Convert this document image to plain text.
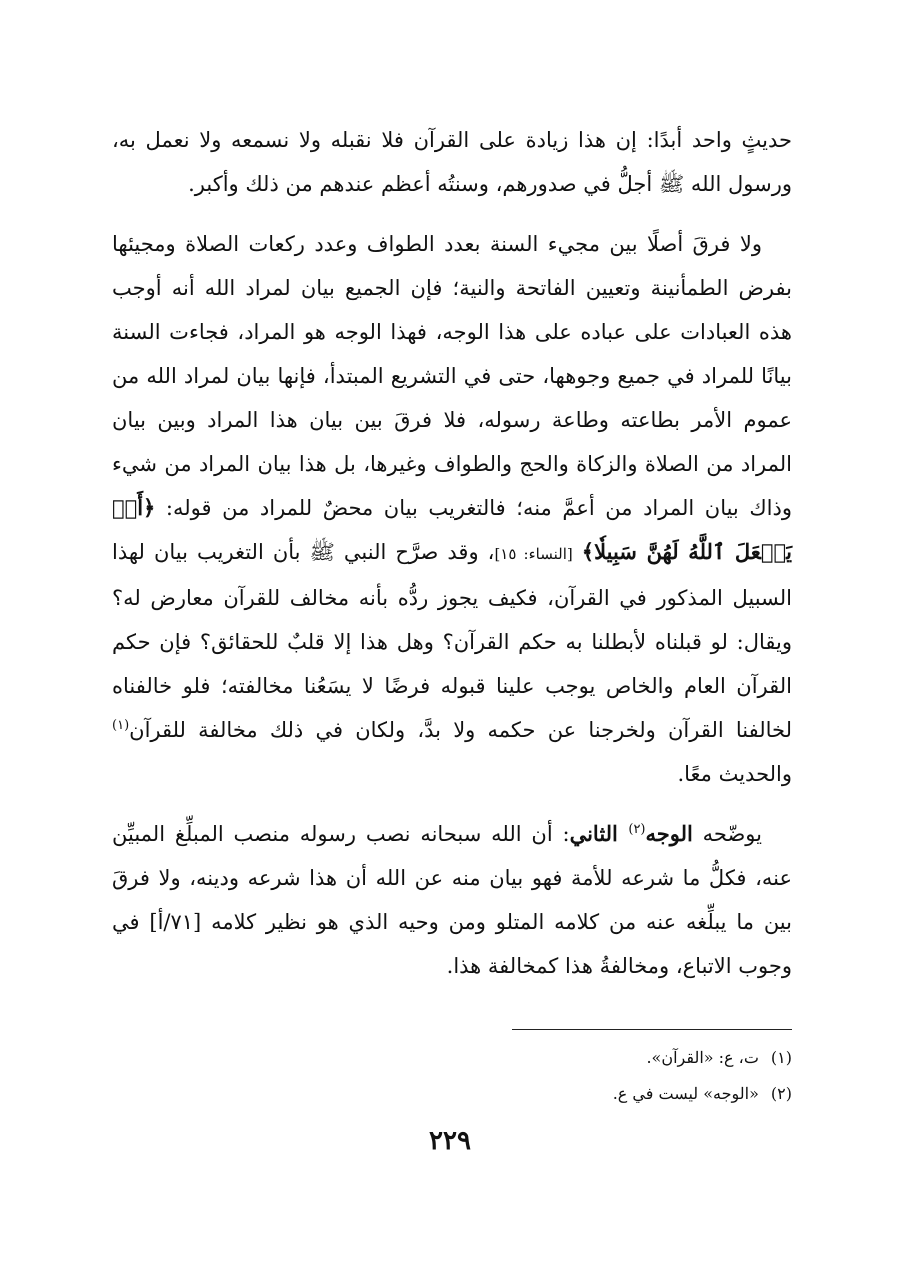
حديثٍ واحد أبدًا: إن هذا زيادة على القرآن فلا نقبله ولا نسمعه ولا نعمل به، ورسول الله ﷺ أجلُّ في صدورهم، وسنتُه أعظم عندهم من ذلك وأكبر.

ولا فرقَ أصلًا بين مجيء السنة بعدد الطواف وعدد ركعات الصلاة ومجيئها بفرض الطمأنينة وتعيين الفاتحة والنية؛ فإن الجميع بيان لمراد الله أنه أوجب هذه العبادات على عباده على هذا الوجه، فهذا الوجه هو المراد، فجاءت السنة بيانًا للمراد في جميع وجوهها، حتى في التشريع المبتدأ، فإنها بيان لمراد الله من عموم الأمر بطاعته وطاعة رسوله، فلا فرقَ بين بيان هذا المراد وبين بيان المراد من الصلاة والزكاة والحج والطواف وغيرها، بل هذا بيان المراد من شيء وذاك بيان المراد من أعمَّ منه؛ فالتغريب بيان محضٌ للمراد من قوله: ﴿أَوۡ يَجۡعَلَ ٱللَّهُ لَهُنَّ سَبِيلٗا﴾ [النساء: ١٥]، وقد صرَّح النبي ﷺ بأن التغريب بيان لهذا السبيل المذكور في القرآن، فكيف يجوز ردُّه بأنه مخالف للقرآن معارض له؟ ويقال: لو قبلناه لأبطلنا به حكم القرآن؟ وهل هذا إلا قلبٌ للحقائق؟ فإن حكم القرآن العام والخاص يوجب علينا قبوله فرضًا لا يسَعُنا مخالفته؛ فلو خالفناه لخالفنا القرآن ولخرجنا عن حكمه ولا بدَّ، ولكان في ذلك مخالفة للقرآن$^{(١)}$ والحديث معًا.

يوضّحه الوجه$^{(٢)}$ الثاني: أن الله سبحانه نصب رسوله منصب المبلِّغ المبيِّن عنه، فكلُّ ما شرعه للأمة فهو بيان منه عن الله أن هذا شرعه ودينه، ولا فرقَ بين ما يبلِّغه عنه من كلامه المتلو ومن وحيه الذي هو نظير كلامه [٧١/أ] في وجوب الاتباع، ومخالفةُ هذا كمخالفة هذا.

(١)ت، ع: «القرآن».

(٢)«الوجه» ليست في ع.

٢٢٩
